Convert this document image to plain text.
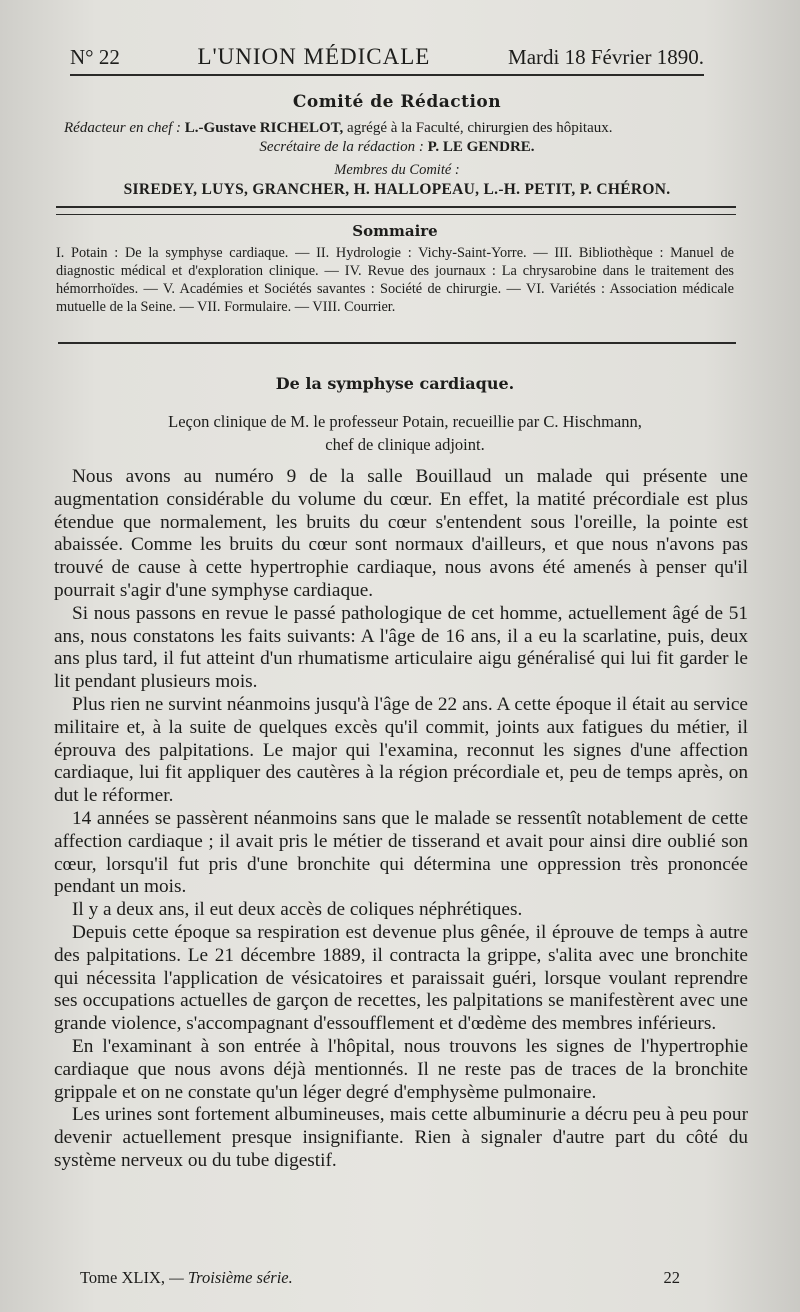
N° 22	L'UNION MÉDICALE	Mardi 18 Février 1890.
Comité de Rédaction
Rédacteur en chef : L.-Gustave RICHELOT, agrégé à la Faculté, chirurgien des hôpitaux.
Secrétaire de la rédaction : P. LE GENDRE.
Membres du Comité :
SIREDEY, LUYS, GRANCHER, H. HALLOPEAU, L.-H. PETIT, P. CHÉRON.
Sommaire

I. Potain : De la symphyse cardiaque. — II. Hydrologie : Vichy-Saint-Yorre. — III. Bibliothèque : Manuel de diagnostic médical et d'exploration clinique. — IV. Revue des journaux : La chrysarobine dans le traitement des hémorrhoïdes. — V. Académies et Sociétés savantes : Société de chirurgie. — VI. Variétés : Association médicale mutuelle de la Seine. — VII. Formulaire. — VIII. Courrier.

De la symphyse cardiaque.
Leçon clinique de M. le professeur Potain, recueillie par C. Hischmann,
chef de clinique adjoint.

Nous avons au numéro 9 de la salle Bouillaud un malade qui présente une augmentation considérable du volume du cœur. En effet, la matité précordiale est plus étendue que normalement, les bruits du cœur s'entendent sous l'oreille, la pointe est abaissée. Comme les bruits du cœur sont normaux d'ailleurs, et que nous n'avons pas trouvé de cause à cette hypertrophie cardiaque, nous avons été amenés à penser qu'il pourrait s'agir d'une symphyse cardiaque.

Si nous passons en revue le passé pathologique de cet homme, actuellement âgé de 51 ans, nous constatons les faits suivants: A l'âge de 16 ans, il a eu la scarlatine, puis, deux ans plus tard, il fut atteint d'un rhumatisme articulaire aigu généralisé qui lui fit garder le lit pendant plusieurs mois.

Plus rien ne survint néanmoins jusqu'à l'âge de 22 ans. A cette époque il était au service militaire et, à la suite de quelques excès qu'il commit, joints aux fatigues du métier, il éprouva des palpitations. Le major qui l'examina, reconnut les signes d'une affection cardiaque, lui fit appliquer des cautères à la région précordiale et, peu de temps après, on dut le réformer.

14 années se passèrent néanmoins sans que le malade se ressentît notablement de cette affection cardiaque ; il avait pris le métier de tisserand et avait pour ainsi dire oublié son cœur, lorsqu'il fut pris d'une bronchite qui détermina une oppression très prononcée pendant un mois.

Il y a deux ans, il eut deux accès de coliques néphrétiques.

Depuis cette époque sa respiration est devenue plus gênée, il éprouve de temps à autre des palpitations. Le 21 décembre 1889, il contracta la grippe, s'alita avec une bronchite qui nécessita l'application de vésicatoires et paraissait guéri, lorsque voulant reprendre ses occupations actuelles de garçon de recettes, les palpitations se manifestèrent avec une grande violence, s'accompagnant d'essoufflement et d'œdème des membres inférieurs.

En l'examinant à son entrée à l'hôpital, nous trouvons les signes de l'hypertrophie cardiaque que nous avons déjà mentionnés. Il ne reste pas de traces de la bronchite grippale et on ne constate qu'un léger degré d'emphysème pulmonaire.

Les urines sont fortement albumineuses, mais cette albuminurie a décru peu à peu pour devenir actuellement presque insignifiante. Rien à signaler d'autre part du côté du système nerveux ou du tube digestif.

Tome XLIX, — Troisième série.	22
